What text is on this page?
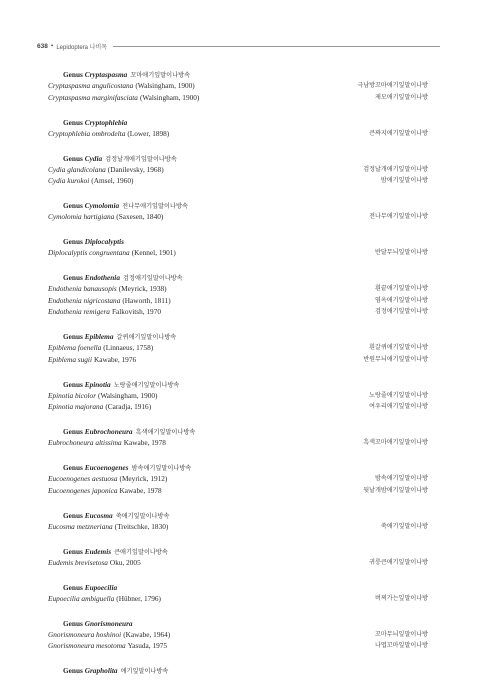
638 • Lepidoptera 나비목
Genus Cryptaspasma 꼬마애기잎말이나방속
Cryptaspasma angulicostana (Walsingham, 1900)	극남방꼬마애기잎말이나방
Cryptaspasma marginifasciata (Walsingham, 1900)	제모애기잎말이나방
Genus Cryptophlebia
Cryptophlebia ombrodelta (Lower, 1898)	큰짜지애기잎말이나방
Genus Cydia 검정날개애기잎말이나방속
Cydia glandicolana (Danilevsky, 1968)	검정날개애기잎말이나방
Cydia kurokoi (Amsel, 1960)	밤애기잎말이나방
Genus Cymolomia 전나무애기잎말이나방속
Cymolomia hartigiana (Saxesen, 1840)	전나무애기잎말이나방
Genus Diplocalyptis
Diplocalyptis congruentana (Kennel, 1901)	반달무늬잎말이나방
Genus Endothenia 검정애기잎말이나방속
Endothenia banausopis (Meyrick, 1938)	흰끝애기잎말이나방
Endothenia nigricostana (Haworth, 1811)	염옥애기잎말이나방
Endothenia remigera Falkovitsh, 1970	검정애기잎말이나방
Genus Epiblema 갈퀴애기잎말이나방속
Epiblema foenella (Linnaeus, 1758)	흰갈퀴애기잎말이나방
Epiblema sugii Kawabe, 1976	반원무늬애기잎말이나방
Genus Epinotia 노랑줄애기잎말이나방속
Epinotia bicolor (Walsingham, 1900)	노랑줄애기잎말이나방
Epinotia majorana (Caradja, 1916)	여우리애기잎말이나방
Genus Eubrochoneura 흑색애기잎말이나방속
Eubrochoneura altissima Kawabe, 1978	흑색꼬마애기잎말이나방
Genus Eucoenogenes 밤속애기잎말이나방속
Eucoenogenes aestuosa (Meyrick, 1912)	밤속애기잎말이나방
Eucoenogenes japonica Kawabe, 1978	뒷날개밤애기잎말이나방
Genus Eucosma 쑥애기잎말이나방속
Eucosma metzneriana (Treitschke, 1830)	쑥애기잎말이나방
Genus Eudemis 큰애기잎말이나방속
Eudemis brevisetosa Oku, 2005	귀룽큰애기잎말이나방
Genus Eupoecilia
Eupoecilia ambiguella (Hübner, 1796)	버찌가는잎말이나방
Genus Gnorismoneura
Gnorismoneura hoshinoi (Kawabe, 1964)	꼬마무늬잎말이나방
Gnorismoneura mesotoma Yasuda, 1975	나엽꼬마잎말이나방
Genus Grapholita 애기잎말이나방속
